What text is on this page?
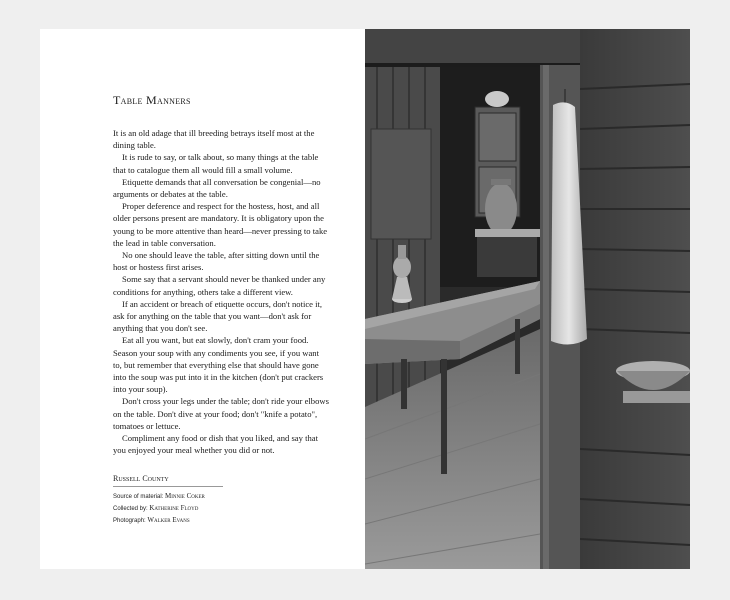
Table Manners

It is an old adage that ill breeding betrays itself most at the dining table.

It is rude to say, or talk about, so many things at the table that to catalogue them all would fill a small volume.

Etiquette demands that all conversation be congenial—no arguments or debates at the table.

Proper deference and respect for the hostess, host, and all older persons present are mandatory. It is obligatory upon the young to be more attentive than heard—never pressing to take the lead in table conversation.

No one should leave the table, after sitting down until the host or hostess first arises.

Some say that a servant should never be thanked under any conditions for anything, others take a different view.

If an accident or breach of etiquette occurs, don't notice it, ask for anything on the table that you want—don't ask for anything that you don't see.

Eat all you want, but eat slowly, don't cram your food. Season your soup with any condiments you see, if you want to, but remember that everything else that should have gone into the soup was put into it in the kitchen (don't put crackers into your soup).

Don't cross your legs under the table; don't ride your elbows on the table. Don't dive at your food; don't "knife a potato", tomatoes or lettuce.

Compliment any food or dish that you liked, and say that you enjoyed your meal whether you did or not.

Russell County
Source of material: Minnie Coker
Collected by: Katherine Floyd
Photograph: Walker Evans
